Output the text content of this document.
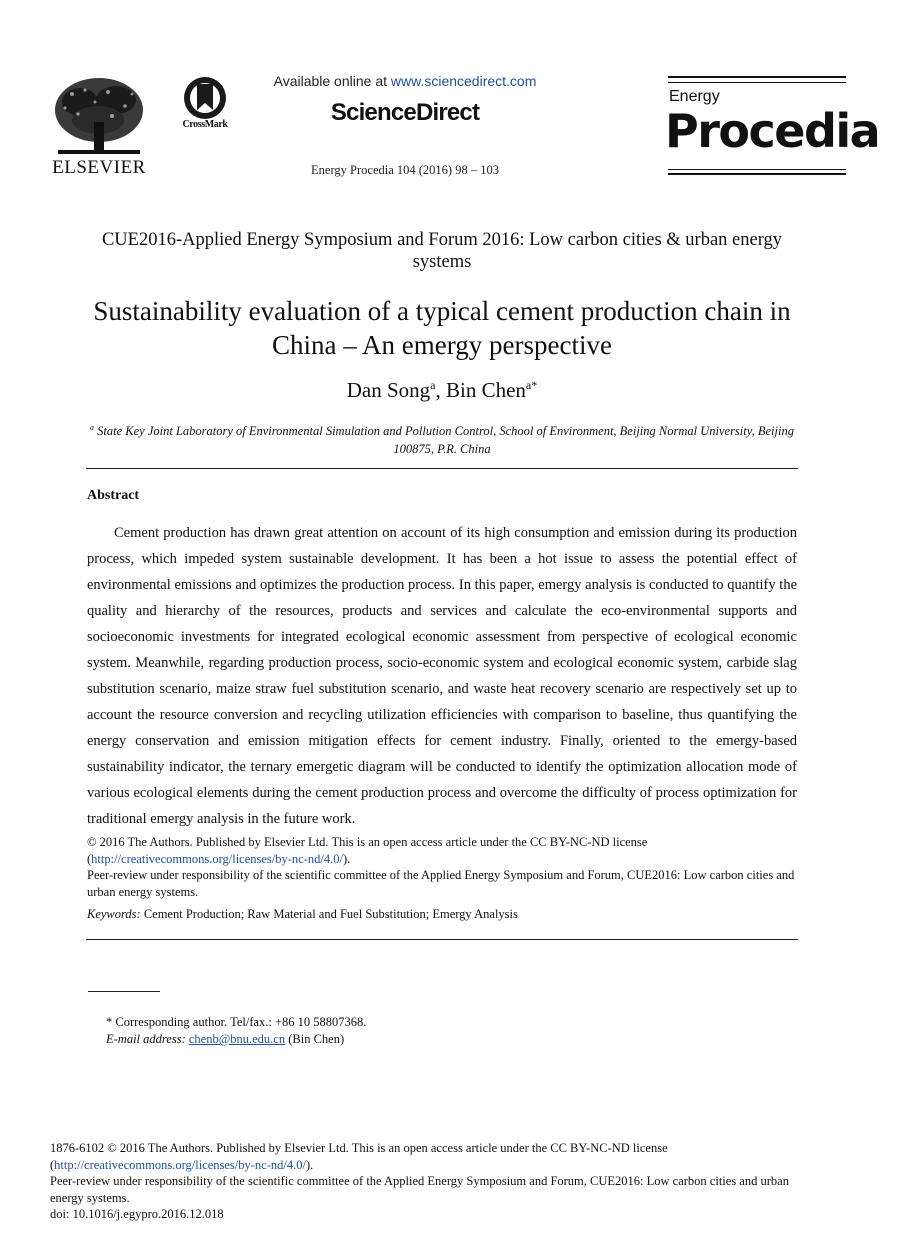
ELSEVIER
CrossMark
Available online at www.sciencedirect.com
ScienceDirect
Energy Procedia 104 (2016) 98 – 103
Energy
Procedia
CUE2016-Applied Energy Symposium and Forum 2016: Low carbon cities & urban energy systems
Sustainability evaluation of a typical cement production chain in China – An emergy perspective
Dan Song$^a$, Bin Chen$^{a*}$
$^a$ State Key Joint Laboratory of Environmental Simulation and Pollution Control, School of Environment, Beijing Normal University, Beijing 100875, P.R. China
Abstract
Cement production has drawn great attention on account of its high consumption and emission during its production process, which impeded system sustainable development. It has been a hot issue to assess the potential effect of environmental emissions and optimizes the production process. In this paper, emergy analysis is conducted to quantify the quality and hierarchy of the resources, products and services and calculate the eco-environmental supports and socioeconomic investments for integrated ecological economic assessment from perspective of ecological economic system. Meanwhile, regarding production process, socio-economic system and ecological economic system, carbide slag substitution scenario, maize straw fuel substitution scenario, and waste heat recovery scenario are respectively set up to account the resource conversion and recycling utilization efficiencies with comparison to baseline, thus quantifying the energy conservation and emission mitigation effects for cement industry. Finally, oriented to the emergy-based sustainability indicator, the ternary emergetic diagram will be conducted to identify the optimization allocation mode of various ecological elements during the cement production process and overcome the difficulty of process optimization for traditional emergy analysis in the future work.
© 2016 The Authors. Published by Elsevier Ltd. This is an open access article under the CC BY-NC-ND license
(http://creativecommons.org/licenses/by-nc-nd/4.0/).
Peer-review under responsibility of the scientific committee of the Applied Energy Symposium and Forum, CUE2016: Low carbon cities and urban energy systems.
Keywords: Cement Production; Raw Material and Fuel Substitution; Emergy Analysis
* Corresponding author. Tel/fax.: +86 10 58807368.
E-mail address: chenb@bnu.edu.cn (Bin Chen)
1876-6102 © 2016 The Authors. Published by Elsevier Ltd. This is an open access article under the CC BY-NC-ND license
(http://creativecommons.org/licenses/by-nc-nd/4.0/).
Peer-review under responsibility of the scientific committee of the Applied Energy Symposium and Forum, CUE2016: Low carbon cities and urban energy systems.
doi: 10.1016/j.egypro.2016.12.018
